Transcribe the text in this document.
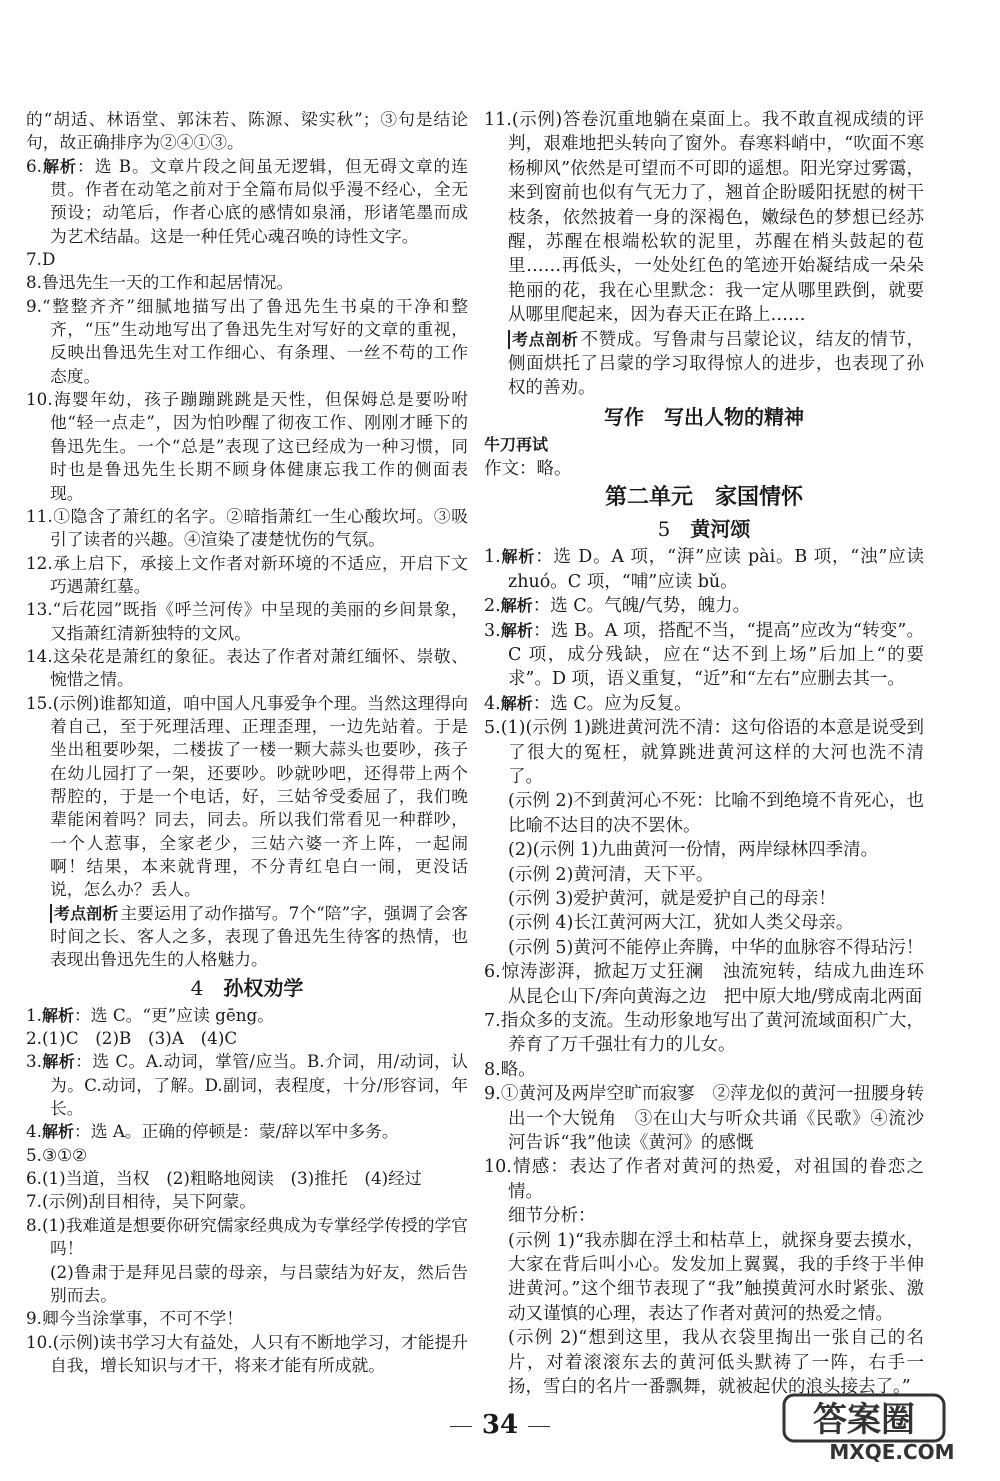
的“胡适、林语堂、郭沫若、陈源、梁实秋”；③句是结论句，故正确排序为②④①③。
6.解析：选 B。文章片段之间虽无逻辑，但无碍文章的连贯。作者在动笔之前对于全篇布局似乎漫不经心，全无预设；动笔后，作者心底的感情如泉涌，形诸笔墨而成为艺术结晶。这是一种任凭心魂召唤的诗性文字。
7.D
8.鲁迅先生一天的工作和起居情况。
9.“整整齐齐”细腻地描写出了鲁迅先生书桌的干净和整齐，“压”生动地写出了鲁迅先生对写好的文章的重视，反映出鲁迅先生对工作细心、有条理、一丝不苟的工作态度。
10.海婴年幼，孩子蹦蹦跳跳是天性，但保姆总是要吩咐他“轻一点走”，因为怕吵醒了彻夜工作、刚刚才睡下的鲁迅先生。一个“总是”表现了这已经成为一种习惯，同时也是鲁迅先生长期不顾身体健康忘我工作的侧面表现。
11.①隐含了萧红的名字。②暗指萧红一生心酸坎坷。③吸引了读者的兴趣。④渲染了凄楚忧伤的气氛。
12.承上启下，承接上文作者对新环境的不适应，开启下文巧遇萧红墓。
13.“后花园”既指《呼兰河传》中呈现的美丽的乡间景象，又指萧红清新独特的文风。
14.这朵花是萧红的象征。表达了作者对萧红缅怀、崇敬、惋惜之情。
15.(示例)谁都知道，咱中国人凡事爱争个理。当然这理得向着自己，至于死理活理、正理歪理，一边先站着。于是坐出租要吵架，二楼拔了一楼一颗大蒜头也要吵，孩子在幼儿园打了一架，还要吵。吵就吵吧，还得带上两个帮腔的，于是一个电话，好，三姑爷受委屈了，我们晚辈能闲着吗？同去，同去。所以我们常看见一种群吵，一个人惹事，全家老少，三姑六婆一齐上阵，一起闹啊！结果，本来就背理，不分青红皂白一闹，更没话说，怎么办？丢人。
考点剖析 主要运用了动作描写。7个“陪”字，强调了会客时间之长、客人之多，表现了鲁迅先生待客的热情，也表现出鲁迅先生的人格魅力。
4 孙权劝学
1.解析：选 C。“更”应读 gēng。
2.(1)C　(2)B　(3)A　(4)C
3.解析：选 C。A.动词，掌管/应当。B.介词，用/动词，认为。C.动词，了解。D.副词，表程度，十分/形容词，年长。
4.解析：选 A。正确的停顿是：蒙/辞以军中多务。
5.③①②
6.(1)当道，当权　(2)粗略地阅读　(3)推托　(4)经过
7.(示例)刮目相待，吴下阿蒙。
8.(1)我难道是想要你研究儒家经典成为专掌经学传授的学官吗！
(2)鲁肃于是拜见吕蒙的母亲，与吕蒙结为好友，然后告别而去。
9.卿今当涂掌事，不可不学！
10.(示例)读书学习大有益处，人只有不断地学习，才能提升自我，增长知识与才干，将来才能有所成就。
11.(示例)答卷沉重地躺在桌面上。我不敢直视成绩的评判，艰难地把头转向了窗外。春寒料峭中，“吹面不寒杨柳风”依然是可望而不可即的遥想。阳光穿过雾霭，来到窗前也似有气无力了，翘首企盼暖阳抚慰的树干枝条，依然披着一身的深褐色，嫩绿色的梦想已经苏醒，苏醒在根端松软的泥里，苏醒在梢头鼓起的苞里……再低头，一处处红色的笔迹开始凝结成一朵朵艳丽的花，我在心里默念：我一定从哪里跌倒，就要从哪里爬起来，因为春天正在路上……
考点剖析 不赞成。写鲁肃与吕蒙论议，结友的情节，侧面烘托了吕蒙的学习取得惊人的进步，也表现了孙权的善劝。
写作　写出人物的精神
牛刀再试
作文：略。
第二单元　家国情怀
5 黄河颂
1.解析：选 D。A 项，“湃”应读 pài。B 项，“浊”应读 zhuó。C 项，“哺”应读 bǔ。
2.解析：选 C。气魄/气势，魄力。
3.解析：选 B。A 项，搭配不当，“提高”应改为“转变”。C 项，成分残缺，应在“达不到上场”后加上“的要求”。D 项，语义重复，“近”和“左右”应删去其一。
4.解析：选 C。应为反复。
5.(1)(示例 1)跳进黄河洗不清：这句俗语的本意是说受到了很大的冤枉，就算跳进黄河这样的大河也洗不清了。
(示例 2)不到黄河心不死：比喻不到绝境不肯死心，也比喻不达目的决不罢休。
(2)(示例 1)九曲黄河一份情，两岸绿林四季清。
(示例 2)黄河清，天下平。
(示例 3)爱护黄河，就是爱护自己的母亲！
(示例 4)长江黄河两大江，犹如人类父母亲。
(示例 5)黄河不能停止奔腾，中华的血脉容不得玷污！
6.惊涛澎湃，掀起万丈狂澜　浊流宛转，结成九曲连环　从昆仑山下/奔向黄海之边　把中原大地/劈成南北两面
7.指众多的支流。生动形象地写出了黄河流域面积广大，养育了万千强壮有力的儿女。
8.略。
9.①黄河及两岸空旷而寂寥　②萍龙似的黄河一扭腰身转出一个大锐角　③在山大与听众共诵《民歌》④流沙河告诉“我”他读《黄河》的感慨
10.情感：表达了作者对黄河的热爱，对祖国的眷恋之情。
细节分析：
(示例 1)“我赤脚在浮土和枯草上，就探身要去摸水，大家在背后叫小心。发发加上翼翼，我的手终于半伸进黄河。”这个细节表现了“我”触摸黄河水时紧张、激动又谨慎的心理，表达了作者对黄河的热爱之情。
(示例 2)“想到这里，我从衣袋里掏出一张自己的名片，对着滚滚东去的黄河低头默祷了一阵，右手一扬，雪白的名片一番飘舞，就被起伏的浪头接去了。”
34	答案圈
MXQE.COM
